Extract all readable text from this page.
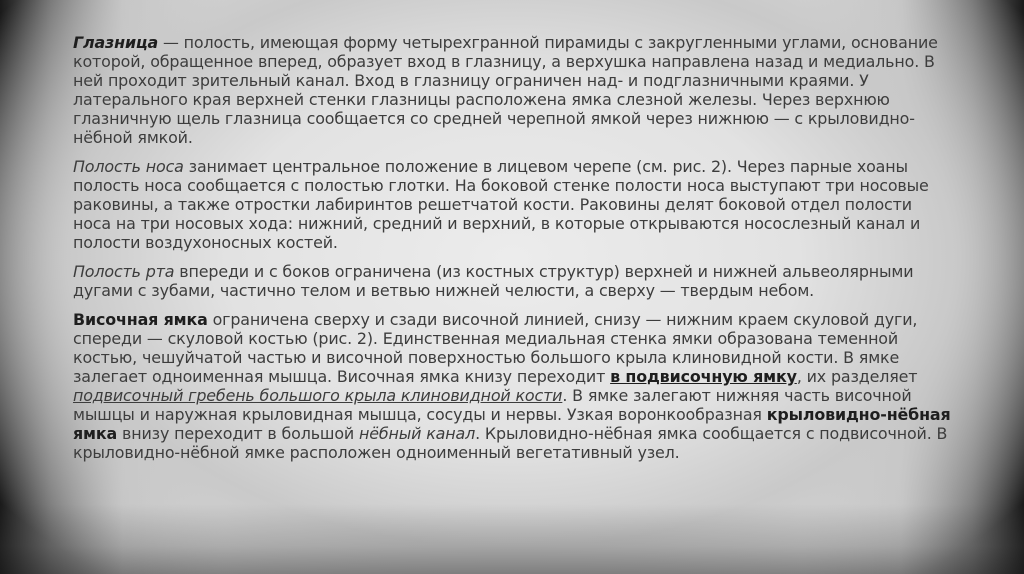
Глазница — полость, имеющая форму четырехгранной пирамиды с закругленными углами, основание которой, обращенное вперед, образует вход в глазницу, а верхушка направлена назад и медиально. В ней проходит зрительный канал. Вход в глазницу ограничен над- и подглазничными краями. У латерального края верхней стенки глазницы расположена ямка слезной железы. Через верхнюю глазничную щель глазница сообщается со средней черепной ямкой через нижнюю — с крыловидно-нёбной ямкой.

Полость носа занимает центральное положение в лицевом черепе (см. рис. 2). Через парные хоаны полость носа сообщается с полостью глотки. На боковой стенке полости носа выступают три носовые раковины, а также отростки лабиринтов решетчатой кости. Раковины делят боковой отдел полости носа на три носовых хода: нижний, средний и верхний, в которые открываются носослезный канал и полости воздухоносных костей.

Полость рта впереди и с боков ограничена (из костных структур) верхней и нижней альвеолярными дугами с зубами, частично телом и ветвью нижней челюсти, а сверху — твердым небом.

Височная ямка ограничена сверху и сзади височной линией, снизу — нижним краем скуловой дуги, спереди — скуловой костью (рис. 2). Единственная медиальная стенка ямки образована теменной костью, чешуйчатой частью и височной поверхностью большого крыла клиновидной кости. В ямке залегает одноименная мышца. Височная ямка книзу переходит в подвисочную ямку, их разделяет подвисочный гребень большого крыла клиновидной кости. В ямке залегают нижняя часть височной мышцы и наружная крыловидная мышца, сосуды и нервы. Узкая воронкообразная крыловидно-нёбная ямка внизу переходит в большой нёбный канал. Крыловидно-нёбная ямка сообщается с подвисочной. В крыловидно-нёбной ямке расположен одноименный вегетативный узел.
